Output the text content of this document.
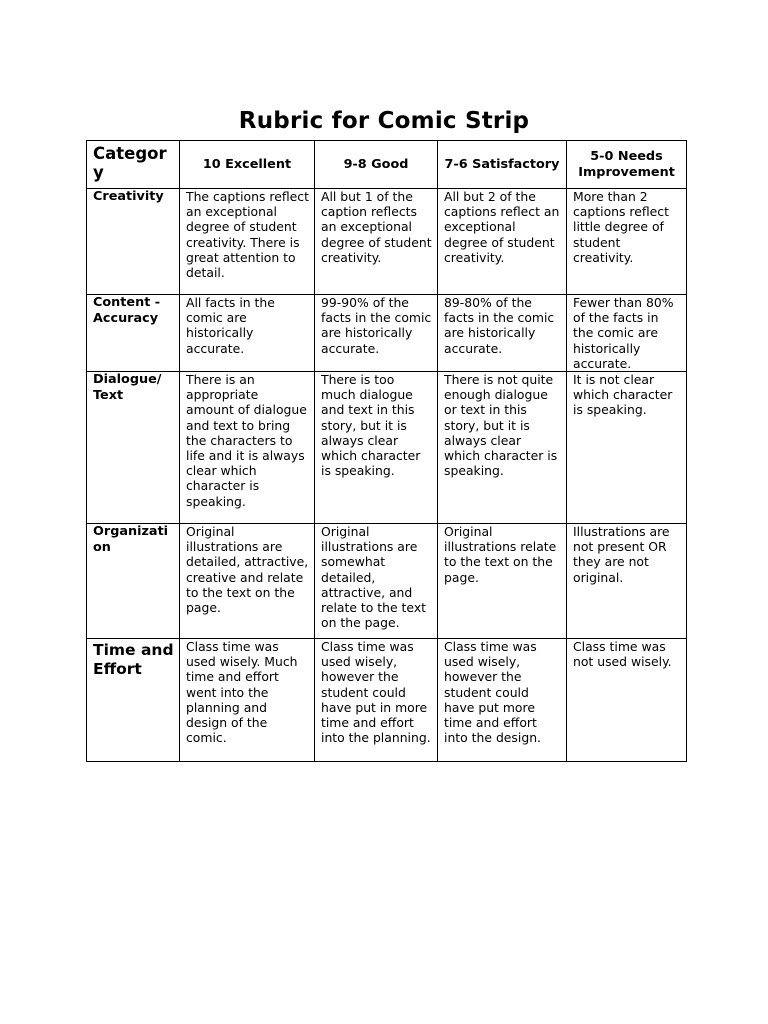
Rubric for Comic Strip
Category	10 Excellent	9-8 Good	7-6 Satisfactory	5-0 Needs Improvement
Creativity	The captions reflect an exceptional degree of student creativity. There is great attention to detail.	All but 1 of the caption reflects an exceptional degree of student creativity.	All but 2 of the captions reflect an exceptional degree of student creativity.	More than 2 captions reflect little degree of student creativity.
Content - Accuracy	All facts in the comic are historically accurate.	99-90% of the facts in the comic are historically accurate.	89-80% of the facts in the comic are historically accurate.	Fewer than 80% of the facts in the comic are historically accurate.
Dialogue/ Text	There is an appropriate amount of dialogue and text to bring the characters to life and it is always clear which character is speaking.	There is too much dialogue and text in this story, but it is always clear which character is speaking.	There is not quite enough dialogue or text in this story, but it is always clear which character is speaking.	It is not clear which character is speaking.
Organization	Original illustrations are detailed, attractive, creative and relate to the text on the page.	Original illustrations are somewhat detailed, attractive, and relate to the text on the page.	Original illustrations relate to the text on the page.	Illustrations are not present OR they are not original.
Time and Effort	Class time was used wisely. Much time and effort went into the planning and design of the comic.	Class time was used wisely, however the student could have put in more time and effort into the planning.	Class time was used wisely, however the student could have put more time and effort into the design.	Class time was not used wisely.
